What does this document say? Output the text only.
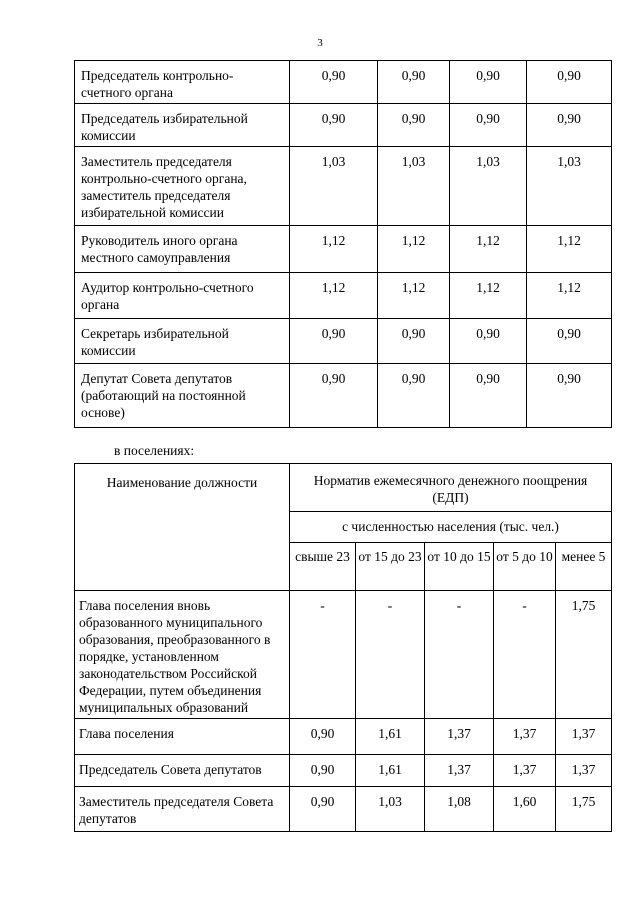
3
Председатель контрольно-счетного органа	0,90	0,90	0,90	0,90
Председатель избирательной комиссии	0,90	0,90	0,90	0,90
Заместитель председателя контрольно-счетного органа, заместитель председателя избирательной комиссии	1,03	1,03	1,03	1,03
Руководитель иного органа местного самоуправления	1,12	1,12	1,12	1,12
Аудитор контрольно-счетного органа	1,12	1,12	1,12	1,12
Секретарь избирательной комиссии	0,90	0,90	0,90	0,90
Депутат Совета депутатов (работающий на постоянной основе)	0,90	0,90	0,90	0,90
в поселениях:
Наименование должности	Норматив ежемесячного денежного поощрения (ЕДП)				
	с численностью населения (тыс. чел.)				
	свыше 23	от 15 до 23	от 10 до 15	от 5 до 10	менее 5
Глава поселения вновь образованного муниципального образования, преобразованного в порядке, установленном законодательством Российской Федерации, путем объединения муниципальных образований	-	-	-	-	1,75
Глава поселения	0,90	1,61	1,37	1,37	1,37
Председатель Совета депутатов	0,90	1,61	1,37	1,37	1,37
Заместитель председателя Совета депутатов	0,90	1,03	1,08	1,60	1,75
